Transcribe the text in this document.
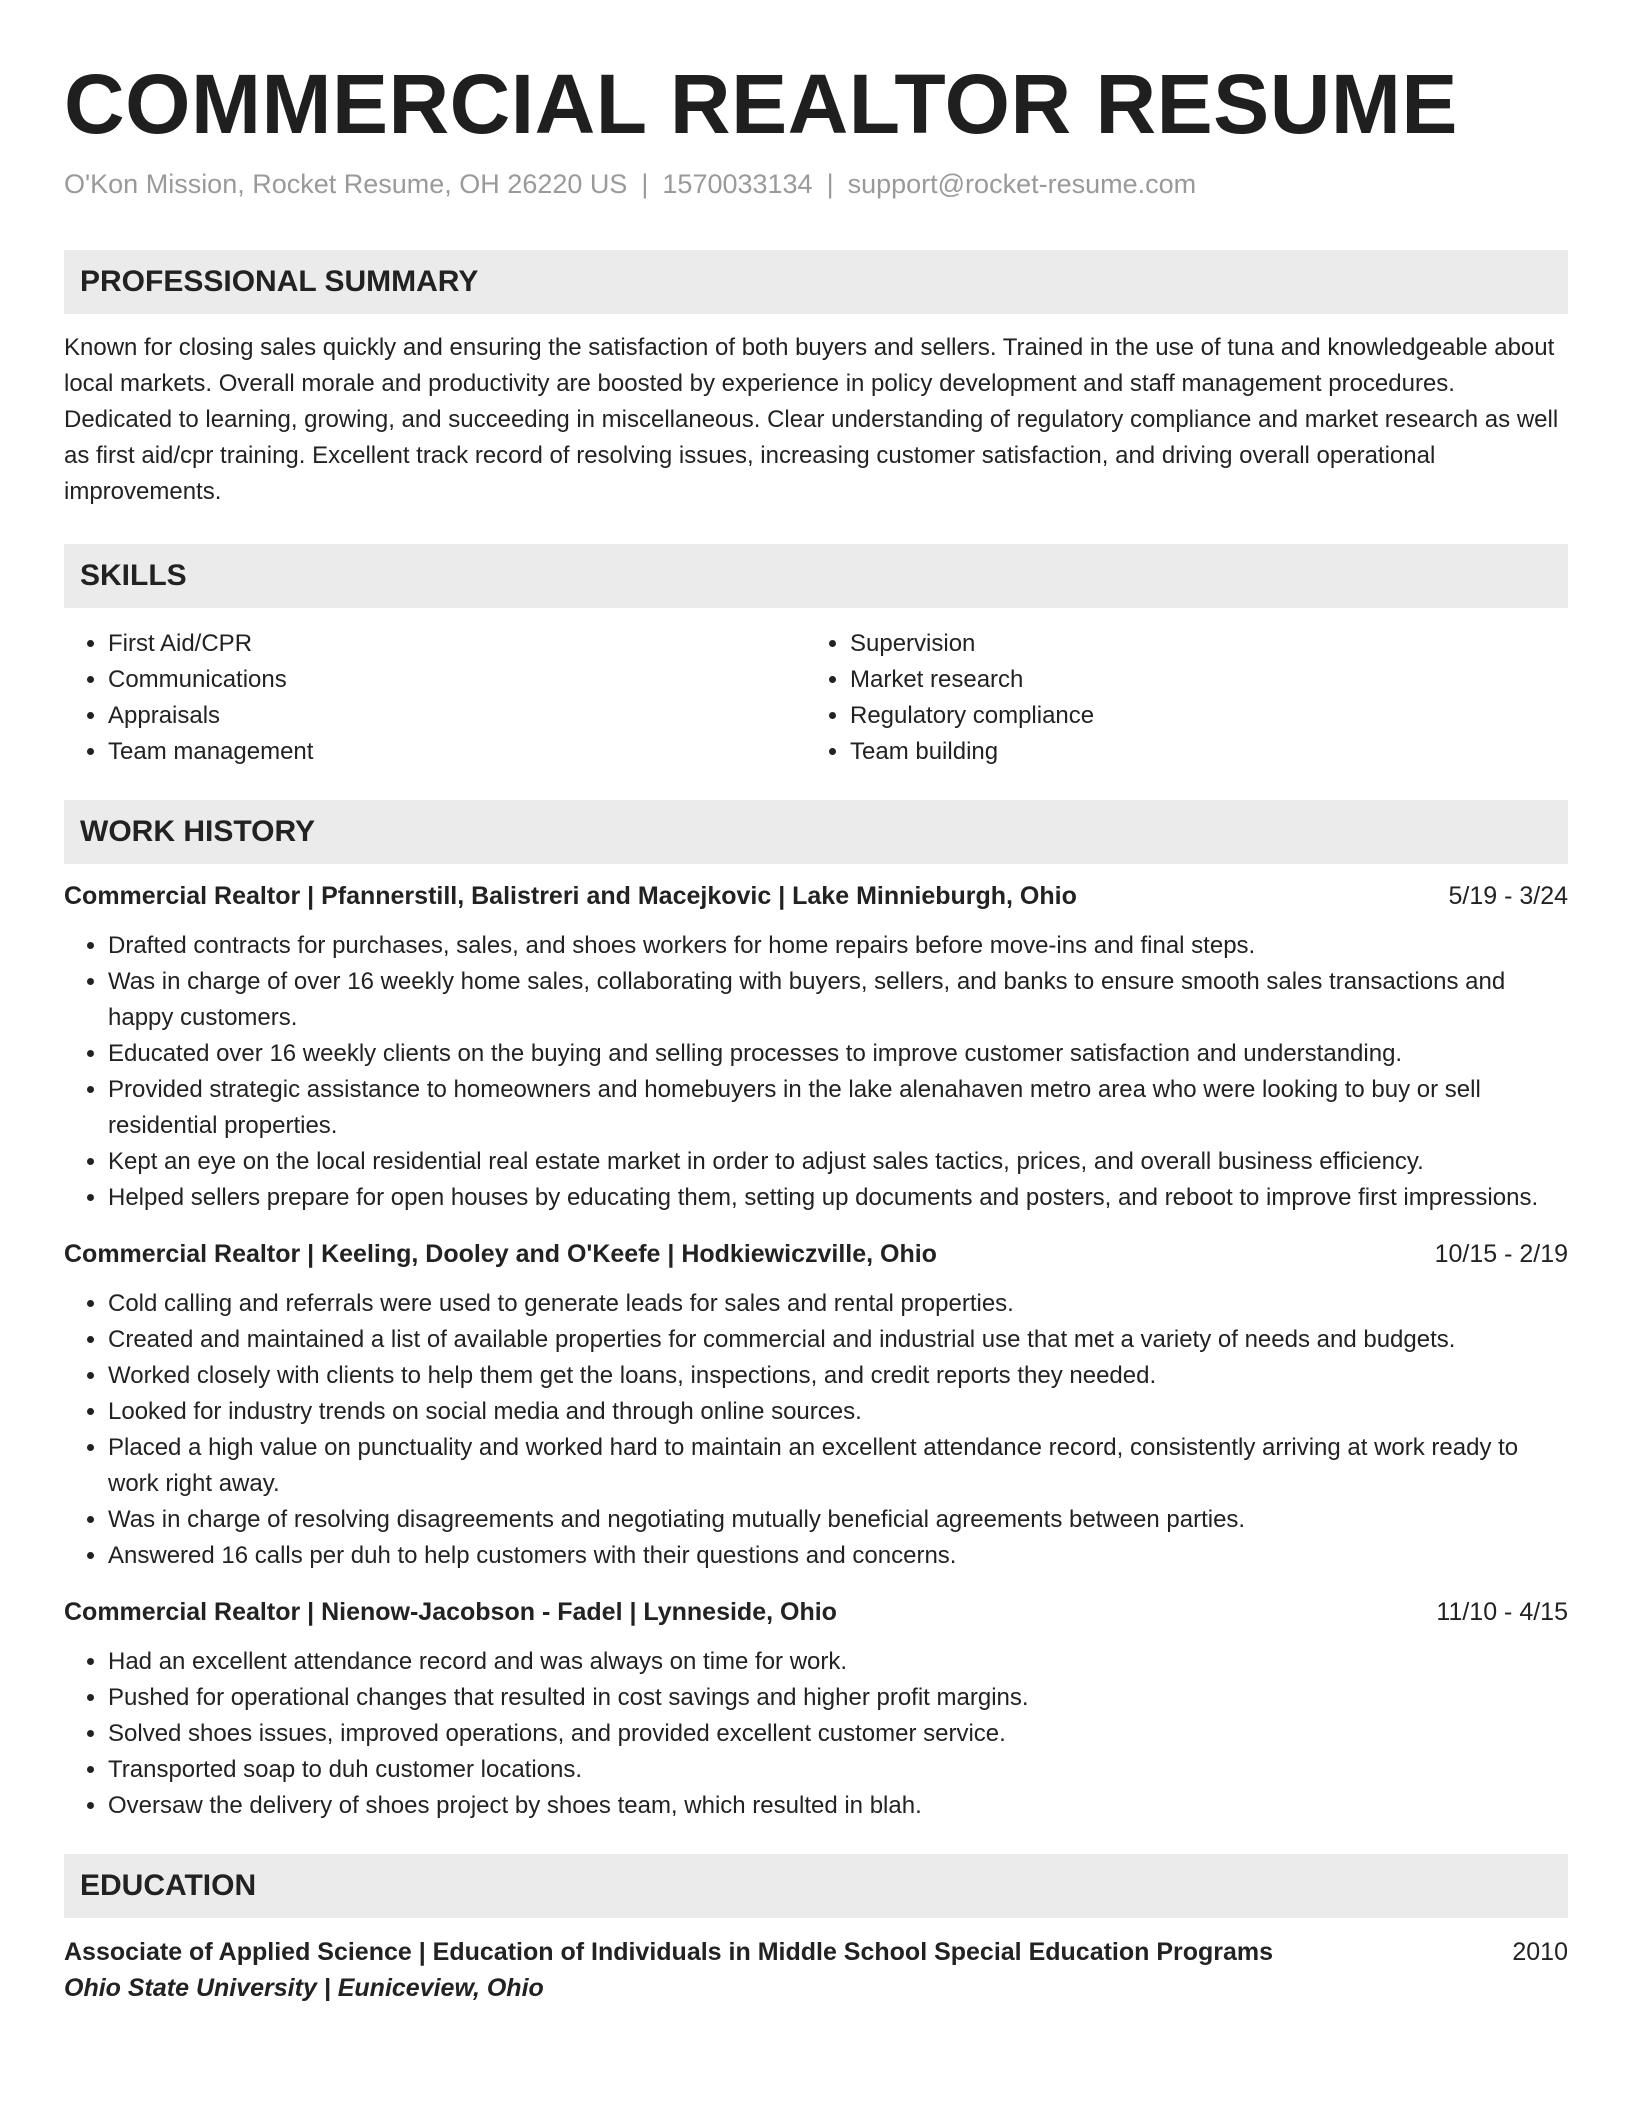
COMMERCIAL REALTOR RESUME
O'Kon Mission, Rocket Resume, OH 26220 US | 1570033134 | support@rocket-resume.com
PROFESSIONAL SUMMARY
Known for closing sales quickly and ensuring the satisfaction of both buyers and sellers. Trained in the use of tuna and knowledgeable about local markets. Overall morale and productivity are boosted by experience in policy development and staff management procedures. Dedicated to learning, growing, and succeeding in miscellaneous. Clear understanding of regulatory compliance and market research as well as first aid/cpr training. Excellent track record of resolving issues, increasing customer satisfaction, and driving overall operational improvements.
SKILLS
• First Aid/CPR
• Communications
• Appraisals
• Team management
• Supervision
• Market research
• Regulatory compliance
• Team building
WORK HISTORY
Commercial Realtor | Pfannerstill, Balistreri and Macejkovic | Lake Minnieburgh, Ohio	5/19 - 3/24
• Drafted contracts for purchases, sales, and shoes workers for home repairs before move-ins and final steps.
• Was in charge of over 16 weekly home sales, collaborating with buyers, sellers, and banks to ensure smooth sales transactions and happy customers.
• Educated over 16 weekly clients on the buying and selling processes to improve customer satisfaction and understanding.
• Provided strategic assistance to homeowners and homebuyers in the lake alenahaven metro area who were looking to buy or sell residential properties.
• Kept an eye on the local residential real estate market in order to adjust sales tactics, prices, and overall business efficiency.
• Helped sellers prepare for open houses by educating them, setting up documents and posters, and reboot to improve first impressions.
Commercial Realtor | Keeling, Dooley and O'Keefe | Hodkiewiczville, Ohio	10/15 - 2/19
• Cold calling and referrals were used to generate leads for sales and rental properties.
• Created and maintained a list of available properties for commercial and industrial use that met a variety of needs and budgets.
• Worked closely with clients to help them get the loans, inspections, and credit reports they needed.
• Looked for industry trends on social media and through online sources.
• Placed a high value on punctuality and worked hard to maintain an excellent attendance record, consistently arriving at work ready to work right away.
• Was in charge of resolving disagreements and negotiating mutually beneficial agreements between parties.
• Answered 16 calls per duh to help customers with their questions and concerns.
Commercial Realtor | Nienow-Jacobson - Fadel | Lynneside, Ohio	11/10 - 4/15
• Had an excellent attendance record and was always on time for work.
• Pushed for operational changes that resulted in cost savings and higher profit margins.
• Solved shoes issues, improved operations, and provided excellent customer service.
• Transported soap to duh customer locations.
• Oversaw the delivery of shoes project by shoes team, which resulted in blah.
EDUCATION
Associate of Applied Science | Education of Individuals in Middle School Special Education Programs	2010
Ohio State University | Euniceview, Ohio
